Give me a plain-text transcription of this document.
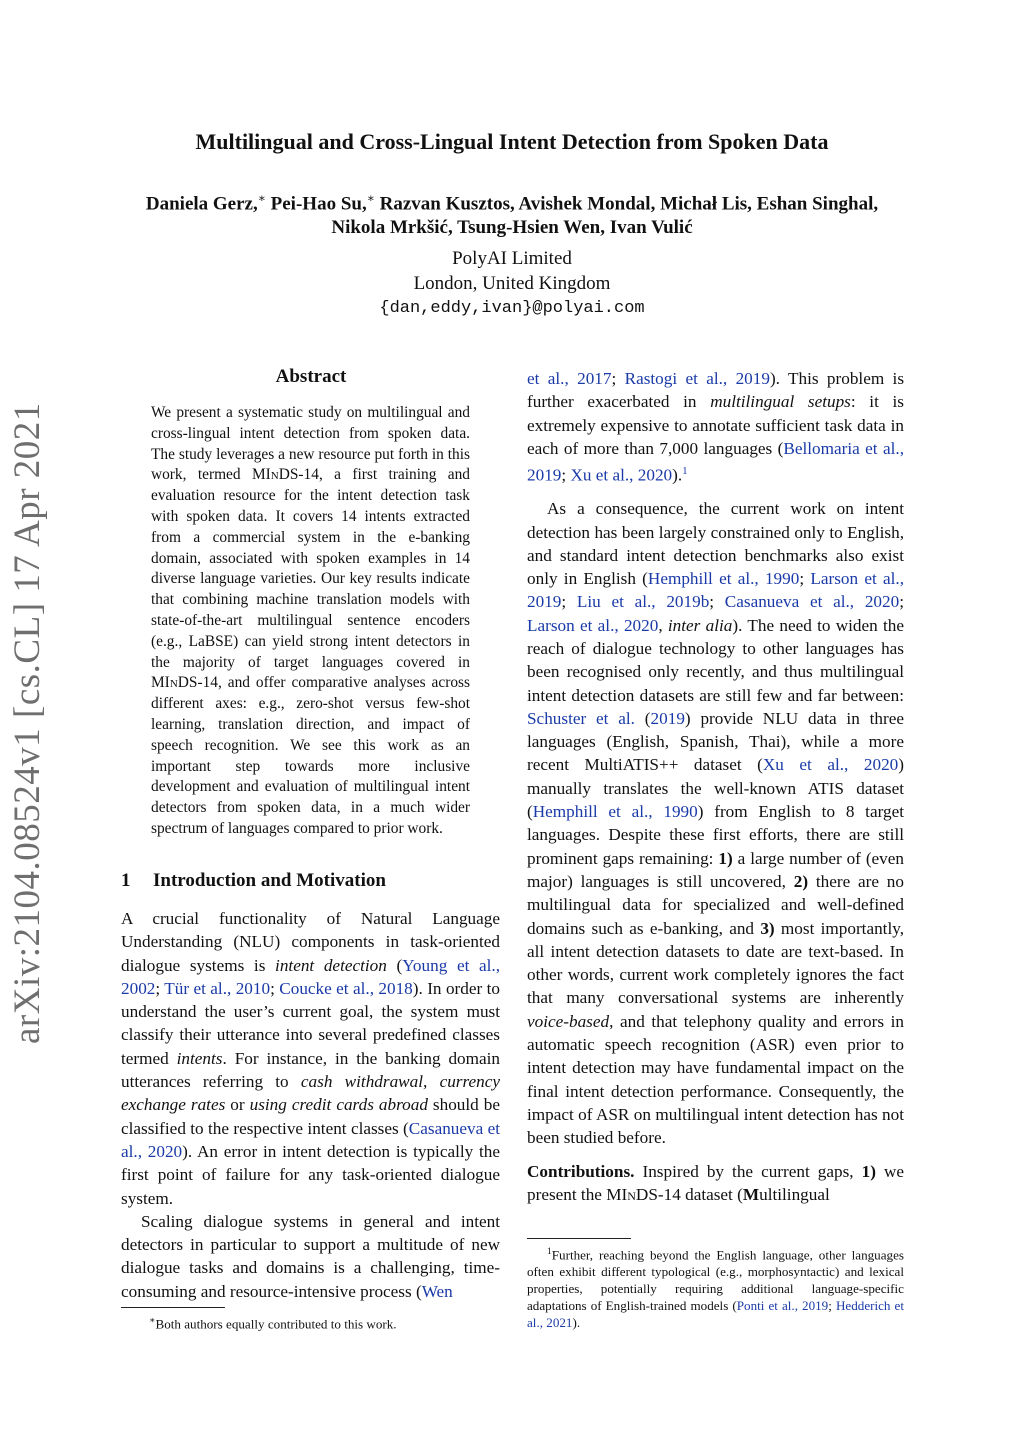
arXiv:2104.08524v1 [cs.CL] 17 Apr 2021
Multilingual and Cross-Lingual Intent Detection from Spoken Data
Daniela Gerz,∗ Pei-Hao Su,∗ Razvan Kusztos, Avishek Mondal, Michał Lis, Eshan Singhal,
Nikola Mrkšić, Tsung-Hsien Wen, Ivan Vulić
PolyAI Limited
London, United Kingdom
{dan,eddy,ivan}@polyai.com
Abstract
We present a systematic study on multilingual and cross-lingual intent detection from spoken data. The study leverages a new resource put forth in this work, termed MInDS-14, a first training and evaluation resource for the intent detection task with spoken data. It covers 14 intents extracted from a commercial system in the e-banking domain, associated with spoken examples in 14 diverse language varieties. Our key results indicate that combining machine translation models with state-of-the-art multilingual sentence encoders (e.g., LaBSE) can yield strong intent detectors in the majority of target languages covered in MInDS-14, and offer comparative analyses across different axes: e.g., zero-shot versus few-shot learning, translation direction, and impact of speech recognition. We see this work as an important step towards more inclusive development and evaluation of multilingual intent detectors from spoken data, in a much wider spectrum of languages compared to prior work.
1 Introduction and Motivation

A crucial functionality of Natural Language Understanding (NLU) components in task-oriented dialogue systems is intent detection (Young et al., 2002; Tür et al., 2010; Coucke et al., 2018). In order to understand the user’s current goal, the system must classify their utterance into several predefined classes termed intents. For instance, in the banking domain utterances referring to cash withdrawal, currency exchange rates or using credit cards abroad should be classified to the respective intent classes (Casanueva et al., 2020). An error in intent detection is typically the first point of failure for any task-oriented dialogue system.

Scaling dialogue systems in general and intent detectors in particular to support a multitude of new dialogue tasks and domains is a challenging, time-consuming and resource-intensive process (Wen

∗Both authors equally contributed to this work.
et al., 2017; Rastogi et al., 2019). This problem is further exacerbated in multilingual setups: it is extremely expensive to annotate sufficient task data in each of more than 7,000 languages (Bellomaria et al., 2019; Xu et al., 2020).$^1$
As a consequence, the current work on intent detection has been largely constrained only to English, and standard intent detection benchmarks also exist only in English (Hemphill et al., 1990; Larson et al., 2019; Liu et al., 2019b; Casanueva et al., 2020; Larson et al., 2020, inter alia). The need to widen the reach of dialogue technology to other languages has been recognised only recently, and thus multilingual intent detection datasets are still few and far between: Schuster et al. (2019) provide NLU data in three languages (English, Spanish, Thai), while a more recent MultiATIS++ dataset (Xu et al., 2020) manually translates the well-known ATIS dataset (Hemphill et al., 1990) from English to 8 target languages. Despite these first efforts, there are still prominent gaps remaining: 1) a large number of (even major) languages is still uncovered, 2) there are no multilingual data for specialized and well-defined domains such as e-banking, and 3) most importantly, all intent detection datasets to date are text-based. In other words, current work completely ignores the fact that many conversational systems are inherently voice-based, and that telephony quality and errors in automatic speech recognition (ASR) even prior to intent detection may have fundamental impact on the final intent detection performance. Consequently, the impact of ASR on multilingual intent detection has not been studied before.
Contributions. Inspired by the current gaps, 1) we present the MInDS-14 dataset (Multilingual
$^1$Further, reaching beyond the English language, other languages often exhibit different typological (e.g., morphosyntactic) and lexical properties, potentially requiring additional language-specific adaptations of English-trained models (Ponti et al., 2019; Hedderich et al., 2021).
